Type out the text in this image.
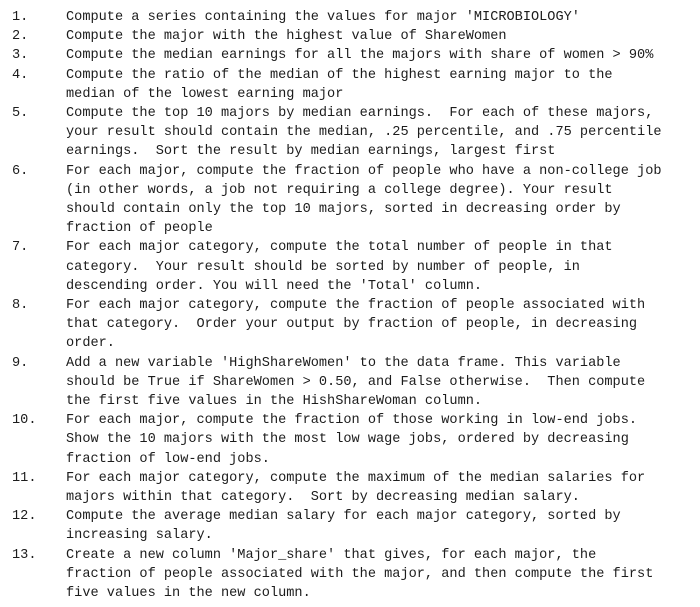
1.	Compute a series containing the values for major 'MICROBIOLOGY'
2.	Compute the major with the highest value of ShareWomen
3.	Compute the median earnings for all the majors with share of women > 90%
4.	Compute the ratio of the median of the highest earning major to the
median of the lowest earning major
5.	Compute the top 10 majors by median earnings.  For each of these majors,
your result should contain the median, .25 percentile, and .75 percentile
earnings.  Sort the result by median earnings, largest first
6.	For each major, compute the fraction of people who have a non-college job
(in other words, a job not requiring a college degree). Your result
should contain only the top 10 majors, sorted in decreasing order by
fraction of people
7.	For each major category, compute the total number of people in that
category.  Your result should be sorted by number of people, in
descending order. You will need the 'Total' column.
8.	For each major category, compute the fraction of people associated with
that category.  Order your output by fraction of people, in decreasing
order.
9.	Add a new variable 'HighShareWomen' to the data frame. This variable
should be True if ShareWomen > 0.50, and False otherwise.  Then compute
the first five values in the HishShareWoman column.
10.	For each major, compute the fraction of those working in low-end jobs.
Show the 10 majors with the most low wage jobs, ordered by decreasing
fraction of low-end jobs.
11.	For each major category, compute the maximum of the median salaries for
majors within that category.  Sort by decreasing median salary.
12.	Compute the average median salary for each major category, sorted by
increasing salary.
13.	Create a new column 'Major_share' that gives, for each major, the
fraction of people associated with the major, and then compute the first
five values in the new column.
